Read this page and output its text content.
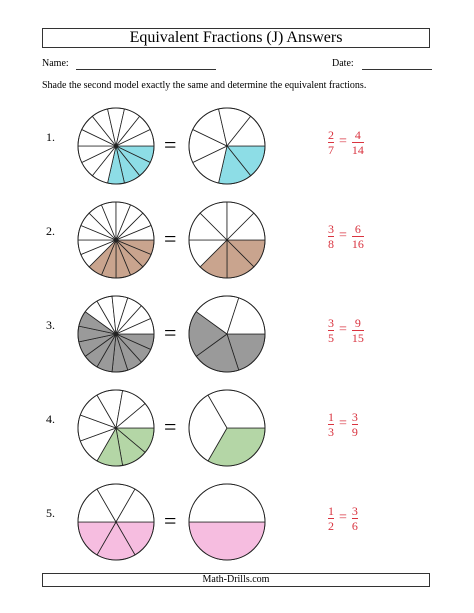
Equivalent Fractions (J) Answers
Name:	Date:
Shade the second model exactly the same and determine the equivalent fractions.
1.	=	$\frac{2}{7} = \frac{4}{14}$
2.	=	$\frac{3}{8} = \frac{6}{16}$
3.	=	$\frac{3}{5} = \frac{9}{15}$
4.	=	$\frac{1}{3} = \frac{3}{9}$
5.	=	$\frac{1}{2} = \frac{3}{6}$
Math-Drills.com
